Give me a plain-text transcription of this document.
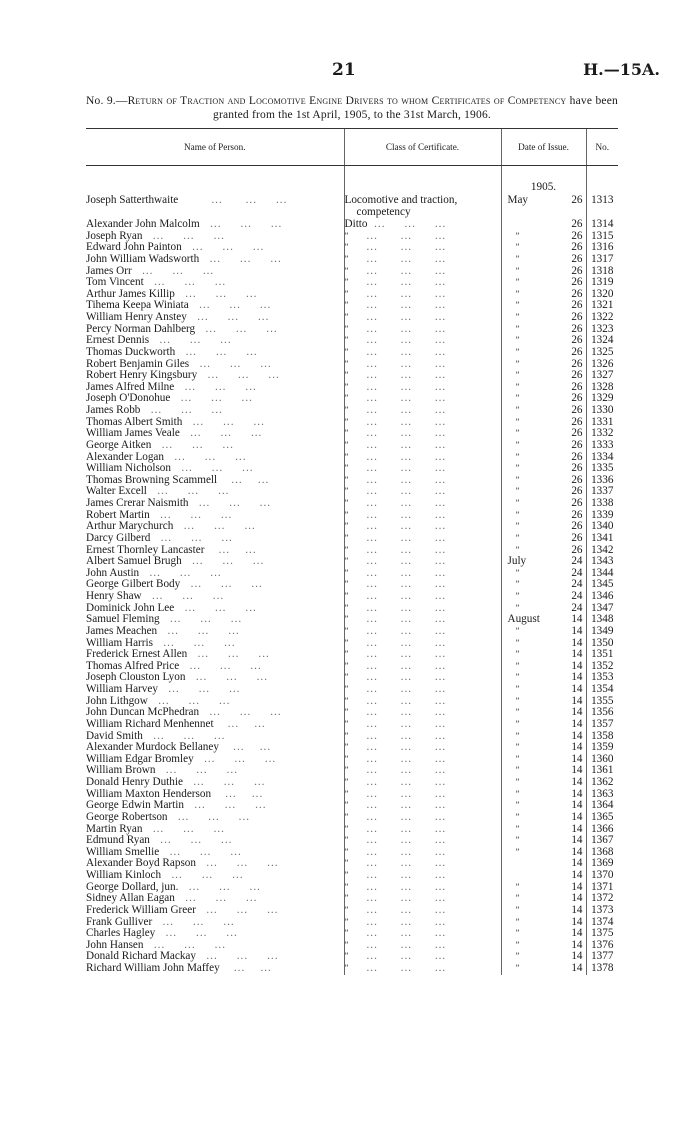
21	H.—15A.
No. 9.—Return of Traction and Locomotive Engine Drivers to whom Certificates of Competency have been granted from the 1st April, 1905, to the 31st March, 1906.
Name of Person.	Class of Certificate.	Date of Issue.	No.

		1905.	
Joseph Satterthwaite         ...      ...     ...	Locomotive and traction,	May 26	1313
	competency		
Alexander John Malcolm   ...     ...     ...	Ditto  ...     ...     ...	26	1314
Joseph Ryan   ...     ...     ...	”     ...      ...      ...	” 26	1315
Edward John Painton   ...     ...     ...	”     ...      ...      ...	” 26	1316
John William Wadsworth   ...     ...     ...	”     ...      ...      ...	” 26	1317
James Orr   ...     ...     ...	”     ...      ...      ...	” 26	1318
Tom Vincent   ...     ...     ...	”     ...      ...      ...	” 26	1319
Arthur James Killip   ...     ...     ...	”     ...      ...      ...	” 26	1320
Tihema Keepa Winiata   ...     ...     ...	”     ...      ...      ...	” 26	1321
William Henry Anstey   ...     ...     ...	”     ...      ...      ...	” 26	1322
Percy Norman Dahlberg   ...     ...     ...	”     ...      ...      ...	” 26	1323
Ernest Dennis   ...     ...     ...	”     ...      ...      ...	” 26	1324
Thomas Duckworth   ...     ...     ...	”     ...      ...      ...	” 26	1325
Robert Benjamin Giles   ...     ...     ...	”     ...      ...      ...	” 26	1326
Robert Henry Kingsbury   ...     ...     ...	”     ...      ...      ...	” 26	1327
James Alfred Milne   ...     ...     ...	”     ...      ...      ...	” 26	1328
Joseph O'Donohue   ...     ...     ...	”     ...      ...      ...	” 26	1329
James Robb   ...     ...     ...	”     ...      ...      ...	” 26	1330
Thomas Albert Smith   ...     ...     ...	”     ...      ...      ...	” 26	1331
William James Veale   ...     ...     ...	”     ...      ...      ...	” 26	1332
George Aitken   ...     ...     ...	”     ...      ...      ...	” 26	1333
Alexander Logan   ...     ...     ...	”     ...      ...      ...	” 26	1334
William Nicholson   ...     ...     ...	”     ...      ...      ...	” 26	1335
Thomas Browning Scammell    ...    ...	”     ...      ...      ...	” 26	1336
Walter Excell   ...     ...     ...	”     ...      ...      ...	” 26	1337
James Crerar Naismith   ...     ...     ...	”     ...      ...      ...	” 26	1338
Robert Martin   ...     ...     ...	”     ...      ...      ...	” 26	1339
Arthur Marychurch   ...     ...     ...	”     ...      ...      ...	” 26	1340
Darcy Gilberd   ...     ...     ...	”     ...      ...      ...	” 26	1341
Ernest Thornley Lancaster    ...    ...	”     ...      ...      ...	” 26	1342
Albert Samuel Brugh   ...     ...     ...	”     ...      ...      ...	July 24	1343
John Austin   ...     ...     ...	”     ...      ...      ...	” 24	1344
George Gilbert Body   ...     ...     ...	”     ...      ...      ...	” 24	1345
Henry Shaw   ...     ...     ...	”     ...      ...      ...	” 24	1346
Dominick John Lee   ...     ...     ...	”     ...      ...      ...	” 24	1347
Samuel Fleming   ...     ...     ...	”     ...      ...      ...	August 14	1348
James Meachen   ...     ...     ...	”     ...      ...      ...	” 14	1349
William Harris   ...     ...     ...	”     ...      ...      ...	” 14	1350
Frederick Ernest Allen   ...     ...     ...	”     ...      ...      ...	” 14	1351
Thomas Alfred Price   ...     ...     ...	”     ...      ...      ...	” 14	1352
Joseph Clouston Lyon   ...     ...     ...	”     ...      ...      ...	” 14	1353
William Harvey   ...     ...     ...	”     ...      ...      ...	” 14	1354
John Lithgow   ...     ...     ...	”     ...      ...      ...	” 14	1355
John Duncan McPhedran   ...     ...     ...	”     ...      ...      ...	” 14	1356
William Richard Menhennet    ...    ...	”     ...      ...      ...	” 14	1357
David Smith   ...     ...     ...	”     ...      ...      ...	” 14	1358
Alexander Murdock Bellaney    ...    ...	”     ...      ...      ...	” 14	1359
William Edgar Bromley   ...     ...     ...	”     ...      ...      ...	” 14	1360
William Brown   ...     ...     ...	”     ...      ...      ...	” 14	1361
Donald Henry Duthie   ...     ...     ...	”     ...      ...      ...	” 14	1362
William Maxton Henderson    ...    ...	”     ...      ...      ...	” 14	1363
George Edwin Martin   ...     ...     ...	”     ...      ...      ...	” 14	1364
George Robertson   ...     ...     ...	”     ...      ...      ...	” 14	1365
Martin Ryan   ...     ...     ...	”     ...      ...      ...	” 14	1366
Edmund Ryan   ...     ...     ...	”     ...      ...      ...	” 14	1367
William Smellie   ...     ...     ...	”     ...      ...      ...	” 14	1368
Alexander Boyd Rapson   ...     ...     ...	”     ...      ...      ...	14	1369
William Kinloch   ...     ...     ...	”     ...      ...      ...	14	1370
George Dollard, jun.   ...     ...     ...	”     ...      ...      ...	” 14	1371
Sidney Allan Eagan   ...     ...     ...	”     ...      ...      ...	” 14	1372
Frederick William Greer   ...     ...     ...	”     ...      ...      ...	” 14	1373
Frank Gulliver   ...     ...     ...	”     ...      ...      ...	” 14	1374
Charles Hagley   ...     ...     ...	”     ...      ...      ...	” 14	1375
John Hansen   ...     ...     ...	”     ...      ...      ...	” 14	1376
Donald Richard Mackay   ...     ...     ...	”     ...      ...      ...	” 14	1377
Richard William John Maffey    ...    ...	”     ...      ...      ...	” 14	1378
